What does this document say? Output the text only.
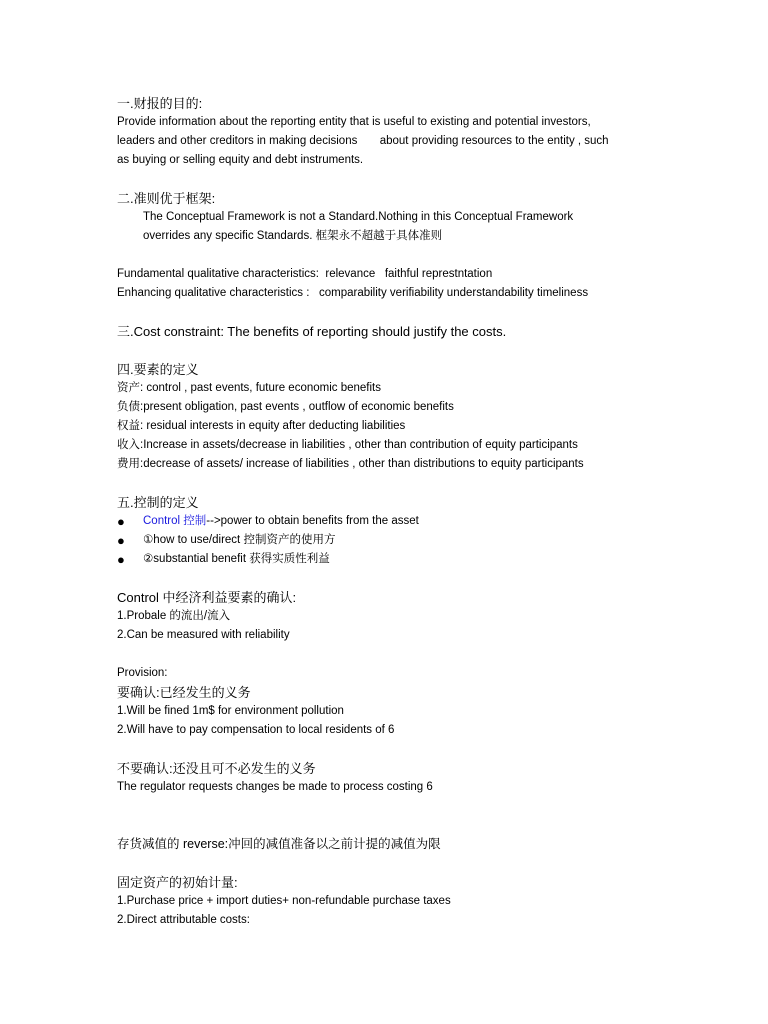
一.财报的目的:
Provide information about the reporting entity that is useful to existing and potential investors,
leaders and other creditors in making decisions       about providing resources to the entity , such
as buying or selling equity and debt instruments.
二.准则优于框架:
The Conceptual Framework is not a Standard.Nothing in this Conceptual Framework
overrides any specific Standards. 框架永不超越于具体准则
Fundamental qualitative characteristics:  relevance   faithful represtntation
Enhancing qualitative characteristics :   comparability verifiability understandability timeliness
三.Cost constraint: The benefits of reporting should justify the costs.
四.要素的定义
资产: control , past events, future economic benefits
负债:present obligation, past events , outflow of economic benefits
权益: residual interests in equity after deducting liabilities
收入:Increase in assets/decrease in liabilities , other than contribution of equity participants
费用:decrease of assets/ increase of liabilities , other than distributions to equity participants
五.控制的定义
● Control 控制-->power to obtain benefits from the asset
● ①how to use/direct 控制资产的使用方
● ②substantial benefit 获得实质性利益
Control 中经济利益要素的确认:
1.Probale 的流出/流入
2.Can be measured with reliability
Provision:
要确认:已经发生的义务
1.Will be fined 1m$ for environment pollution
2.Will have to pay compensation to local residents of 6
不要确认:还没且可不必发生的义务
The regulator requests changes be made to process costing 6
存货减值的 reverse:冲回的减值准备以之前计提的减值为限
固定资产的初始计量:
1.Purchase price + import duties+ non-refundable purchase taxes
2.Direct attributable costs:
